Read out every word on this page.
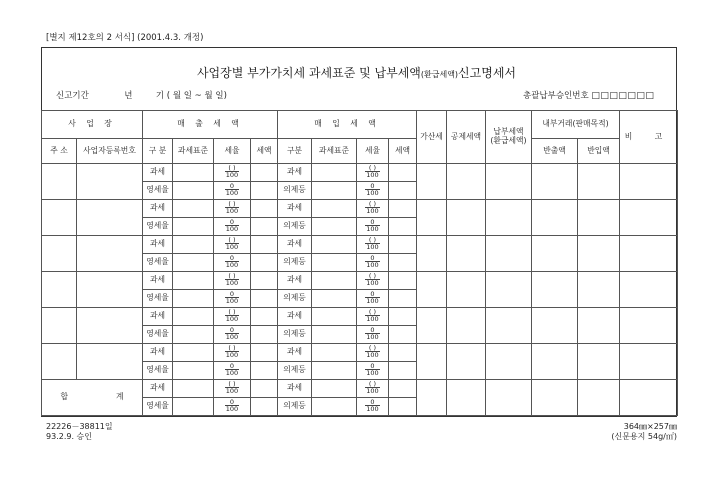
[별지 제12호의 2 서식] (2001.4.3. 개정)
사업장별 부가가치세 과세표준 및 납부세액(환급세액)신고명세서
신고기간	년	기 ( 월 일 ~ 월 일)	총괄납부승인번호 □□□□□□□
사 업 장		매 출 세 액				매 입 세 액				가산세	공제세액	납부세액
(환급세액)	내부거래(판매목적)		비 고
주 소	사업자등록번호	구 분	과세표준	세율	세액	구분	과세표준	세율	세액				반출액	반입액	
		과세		$\frac{( )}{100}$		과세		$\frac{( )}{100}$

		영세율		$\frac{0}{100}$		의제등		$\frac{0}{100}$

		과세		$\frac{( )}{100}$		과세		$\frac{( )}{100}$

		영세율		$\frac{0}{100}$		의제등		$\frac{0}{100}$

		과세		$\frac{( )}{100}$		과세		$\frac{( )}{100}$

		영세율		$\frac{0}{100}$		의제등		$\frac{0}{100}$

		과세		$\frac{( )}{100}$		과세		$\frac{( )}{100}$

		영세율		$\frac{0}{100}$		의제등		$\frac{0}{100}$

		과세		$\frac{( )}{100}$		과세		$\frac{( )}{100}$

		영세율		$\frac{0}{100}$		의제등		$\frac{0}{100}$

		과세		$\frac{( )}{100}$		과세		$\frac{( )}{100}$

		영세율		$\frac{0}{100}$		의제등		$\frac{0}{100}$

합 계		과세		$\frac{( )}{100}$		과세		$\frac{( )}{100}$

		영세율		$\frac{0}{100}$		의제등		$\frac{0}{100}$

22226－38811일
93.2.9. 승인
364㎜×257㎜
(신문용지 54g/㎡)
